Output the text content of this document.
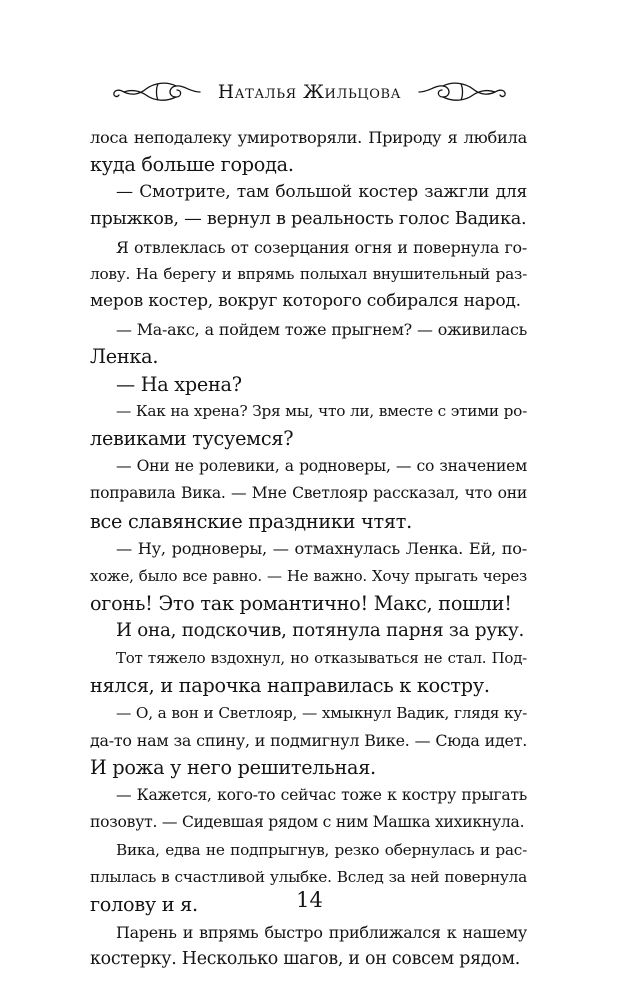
Наталья Жильцова

лоса неподалеку умиротворяли. Природу я любила

куда больше города.

— Смотрите, там большой костер зажгли для

прыжков, — вернул в реальность голос Вадика.

Я отвлеклась от созерцания огня и повернула го-

лову. На берегу и впрямь полыхал внушительный раз-

меров костер, вокруг которого собирался народ.

— Ма-акс, а пойдем тоже прыгнем? — оживилась

Ленка.

— На хрена?

— Как на хрена? Зря мы, что ли, вместе с этими ро-

левиками тусуемся?

— Они не ролевики, а родноверы, — со значением

поправила Вика. — Мне Светлояр рассказал, что они

все славянские праздники чтят.

— Ну, родноверы, — отмахнулась Ленка. Ей, по-

хоже, было все равно. — Не важно. Хочу прыгать через

огонь! Это так романтично! Макс, пошли!

И она, подскочив, потянула парня за руку.

Тот тяжело вздохнул, но отказываться не стал. Под-

нялся, и парочка направилась к костру.

— О, а вон и Светлояр, — хмыкнул Вадик, глядя ку-

да-то нам за спину, и подмигнул Вике. — Сюда идет.

И рожа у него решительная.

— Кажется, кого-то сейчас тоже к костру прыгать

позовут. — Сидевшая рядом с ним Машка хихикнула.

Вика, едва не подпрыгнув, резко обернулась и рас-

плылась в счастливой улыбке. Вслед за ней повернула

голову и я.

Парень и впрямь быстро приближался к нашему

костерку. Несколько шагов, и он совсем рядом.

14
